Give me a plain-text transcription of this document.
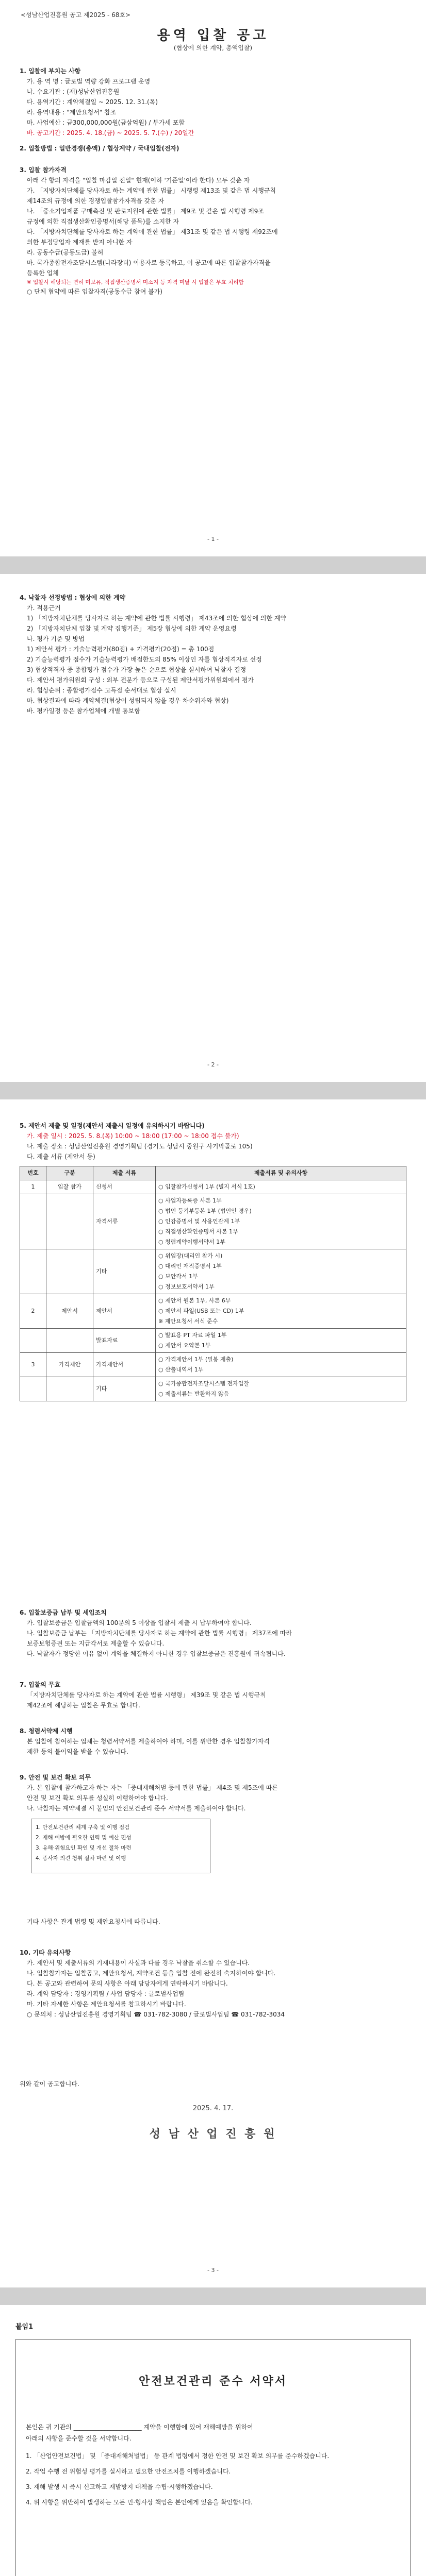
<성남산업진흥원 공고 제2025 - 68호>
용역 입찰 공고
(협상에 의한 계약, 총액입찰)

1. 입찰에 부치는 사항

가. 용 역 명 : 글로벌 역량 강화 프로그램 운영

나. 수요기관 : (재)성남산업진흥원

다. 용역기간 : 계약체결일 ~ 2025. 12. 31.(목)

라. 용역내용 : "제안요청서" 참조

마. 사업예산 : 금300,000,000원(금삼억원) / 부가세 포함

바. 공고기간 : 2025. 4. 18.(금) ~ 2025. 5. 7.(수) / 20일간

2. 입찰방법 : 일반경쟁(총액) / 협상계약 / 국내입찰(전자)

3. 입찰 참가자격

아래 각 항의 자격을 "입찰 마감일 전일" 현재(이하 '기준일'이라 한다) 모두 갖춘 자

가. 「지방자치단체를 당사자로 하는 계약에 관한 법률」 시행령 제13조 및 같은 법 시행규칙

제14조의 규정에 의한 경쟁입찰참가자격을 갖춘 자

나. 「중소기업제품 구매촉진 및 판로지원에 관한 법률」 제9조 및 같은 법 시행령 제9조

규정에 의한 직접생산확인증명서(해당 품목)를 소지한 자

다. 「지방자치단체를 당사자로 하는 계약에 관한 법률」 제31조 및 같은 법 시행령 제92조에

의한 부정당업자 제재를 받지 아니한 자

라. 공동수급(공동도급) 불허

마. 국가종합전자조달시스템(나라장터) 이용자로 등록하고, 이 공고에 따른 입찰참가자격을

등록한 업체

※ 입찰시 해당되는 면허 미보유, 직접생산증명서 미소지 등 자격 미달 시 입찰은 무효 처리함

○ 단체 협약에 따른 입찰자격(공동수급 참여 불가)

- 1 -

4. 낙찰자 선정방법 : 협상에 의한 계약

가. 적용근거

1) 「지방자치단체를 당사자로 하는 계약에 관한 법률 시행령」 제43조에 의한 협상에 의한 계약

2) 「지방자치단체 입찰 및 계약 집행기준」 제5장 협상에 의한 계약 운영요령

나. 평가 기준 및 방법

1) 제안서 평가 : 기술능력평가(80점) + 가격평가(20점) = 총 100점

2) 기술능력평가 점수가 기술능력평가 배점한도의 85% 이상인 자를 협상적격자로 선정

3) 협상적격자 중 종합평가 점수가 가장 높은 순으로 협상을 실시하여 낙찰자 결정

다. 제안서 평가위원회 구성 : 외부 전문가 등으로 구성된 제안서평가위원회에서 평가

라. 협상순위 : 종합평가점수 고득점 순서대로 협상 실시

마. 협상결과에 따라 계약체결(협상이 성립되지 않을 경우 차순위자와 협상)

바. 평가일정 등은 참가업체에 개별 통보함

- 2 -

5. 제안서 제출 및 일정(제안서 제출시 일정에 유의하시기 바랍니다)

가. 제출 일시 : 2025. 5. 8.(목) 10:00 ~ 18:00 (17:00 ~ 18:00 접수 불가)

나. 제출 장소 : 성남산업진흥원 경영기획팀 (경기도 성남시 중원구 사기막골로 105)

다. 제출 서류 (제안서 등)

번호	구분	제출 서류	제출서류 및 유의사항
1	입찰 참가	신청서	○ 입찰참가신청서 1부 (별지 서식 1호)
		자격서류	○ 사업자등록증 사본 1부
○ 법인 등기부등본 1부 (법인인 경우)
○ 인감증명서 및 사용인감계 1부
○ 직접생산확인증명서 사본 1부
○ 청렴계약이행서약서 1부
		기타	○ 위임장(대리인 참가 시)
○ 대리인 재직증명서 1부
○ 보안각서 1부
○ 정보보호서약서 1부
2	제안서	제안서	○ 제안서 원본 1부, 사본 6부
○ 제안서 파일(USB 또는 CD) 1부
※ 제안요청서 서식 준수
		발표자료	○ 발표용 PT 자료 파일 1부
○ 제안서 요약본 1부
3	가격제안	가격제안서	○ 가격제안서 1부 (밀봉 제출)
○ 산출내역서 1부
		기타	○ 국가종합전자조달시스템 전자입찰
○ 제출서류는 반환하지 않음

6. 입찰보증금 납부 및 세입조치

가. 입찰보증금은 입찰금액의 100분의 5 이상을 입찰서 제출 시 납부하여야 합니다.

나. 입찰보증금 납부는 「지방자치단체를 당사자로 하는 계약에 관한 법률 시행령」 제37조에 따라

보증보험증권 또는 지급각서로 제출할 수 있습니다.

다. 낙찰자가 정당한 이유 없이 계약을 체결하지 아니한 경우 입찰보증금은 진흥원에 귀속됩니다.

7. 입찰의 무효

「지방자치단체를 당사자로 하는 계약에 관한 법률 시행령」 제39조 및 같은 법 시행규칙

제42조에 해당하는 입찰은 무효로 합니다.

8. 청렴서약제 시행

본 입찰에 참여하는 업체는 청렴서약서를 제출하여야 하며, 이를 위반한 경우 입찰참가자격

제한 등의 불이익을 받을 수 있습니다.

9. 안전 및 보건 확보 의무

가. 본 입찰에 참가하고자 하는 자는 「중대재해처벌 등에 관한 법률」 제4조 및 제5조에 따른

안전 및 보건 확보 의무를 성실히 이행하여야 합니다.

나. 낙찰자는 계약체결 시 붙임의 안전보건관리 준수 서약서를 제출하여야 합니다.

1. 안전보건관리 체계 구축 및 이행 점검
2. 재해 예방에 필요한 인력 및 예산 편성
3. 유해·위험요인 확인 및 개선 절차 마련
4. 종사자 의견 청취 절차 마련 및 이행

기타 사항은 관계 법령 및 제안요청서에 따릅니다.

10. 기타 유의사항

가. 제안서 및 제출서류의 기재내용이 사실과 다를 경우 낙찰을 취소할 수 있습니다.

나. 입찰참가자는 입찰공고, 제안요청서, 계약조건 등을 입찰 전에 완전히 숙지하여야 합니다.

다. 본 공고와 관련하여 문의 사항은 아래 담당자에게 연락하시기 바랍니다.

라. 계약 담당자 : 경영기획팀 / 사업 담당자 : 글로벌사업팀

마. 기타 자세한 사항은 제안요청서를 참고하시기 바랍니다.

○ 문의처 : 성남산업진흥원 경영기획팀 ☎ 031-782-3080 / 글로벌사업팀 ☎ 031-782-3034

위와 같이 공고합니다.

2025. 4. 17.
성 남 산 업 진 흥 원
- 3 -
붙임1
안전보건관리 준수 서약서

본인은 귀 기관의 ______________________ 계약을 이행함에 있어 재해예방을 위하여

아래의 사항을 준수할 것을 서약합니다.

1. 「산업안전보건법」 및 「중대재해처벌법」 등 관계 법령에서 정한 안전 및 보건 확보 의무를 준수하겠습니다.

2. 작업 수행 전 위험성 평가를 실시하고 필요한 안전조치를 이행하겠습니다.

3. 재해 발생 시 즉시 신고하고 재발방지 대책을 수립·시행하겠습니다.

4. 위 사항을 위반하여 발생하는 모든 민·형사상 책임은 본인에게 있음을 확인합니다.
